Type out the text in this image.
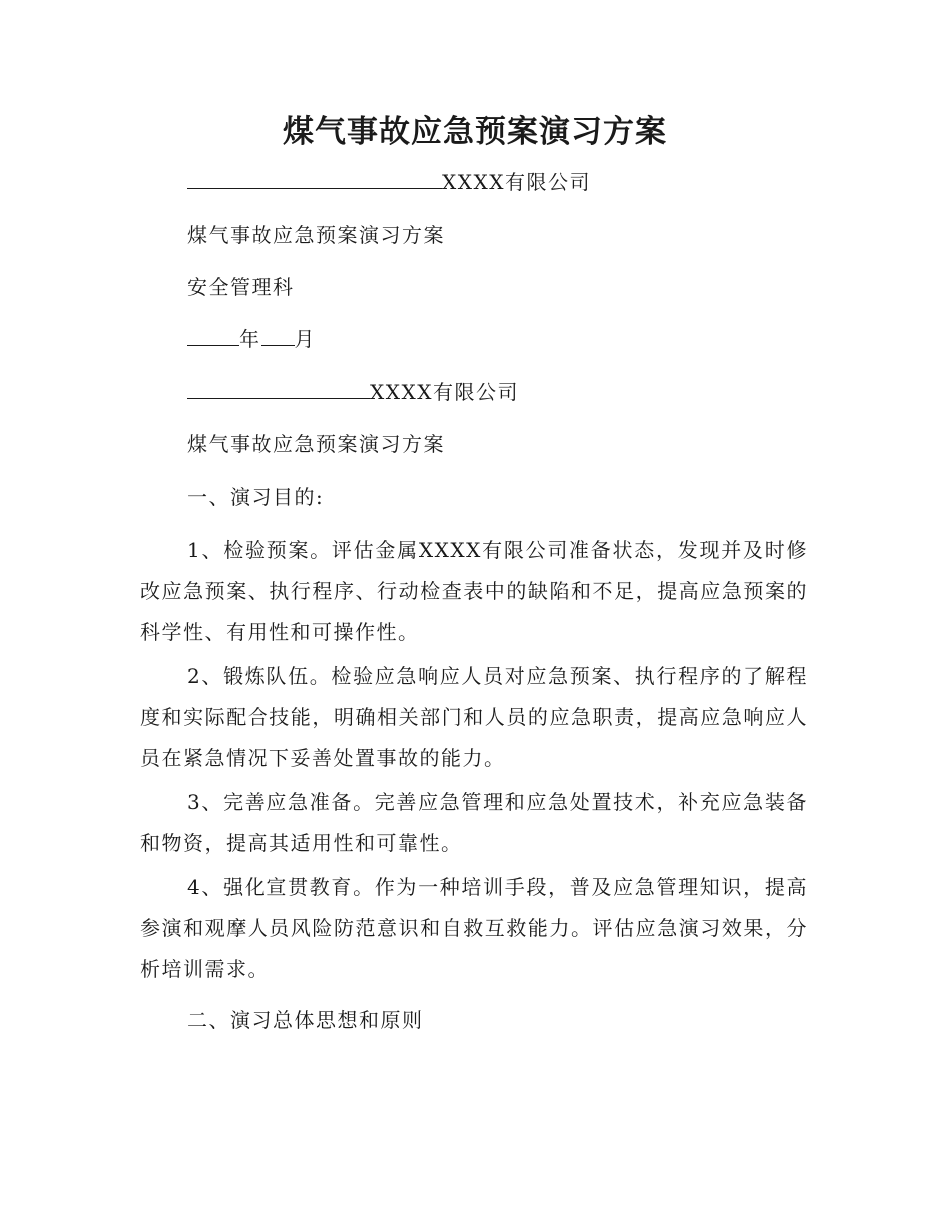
煤气事故应急预案演习方案
XXXX有限公司
煤气事故应急预案演习方案
安全管理科
年 月
XXXX有限公司
煤气事故应急预案演习方案
一、演习目的:

1、检验预案。评估金属XXXX有限公司准备状态，发现并及时修改应急预案、执行程序、行动检查表中的缺陷和不足，提高应急预案的科学性、有用性和可操作性。

2、锻炼队伍。检验应急响应人员对应急预案、执行程序的了解程度和实际配合技能，明确相关部门和人员的应急职责，提高应急响应人员在紧急情况下妥善处置事故的能力。

3、完善应急准备。完善应急管理和应急处置技术，补充应急装备和物资，提高其适用性和可靠性。

4、强化宣贯教育。作为一种培训手段，普及应急管理知识，提高参演和观摩人员风险防范意识和自救互救能力。评估应急演习效果，分析培训需求。

二、演习总体思想和原则
